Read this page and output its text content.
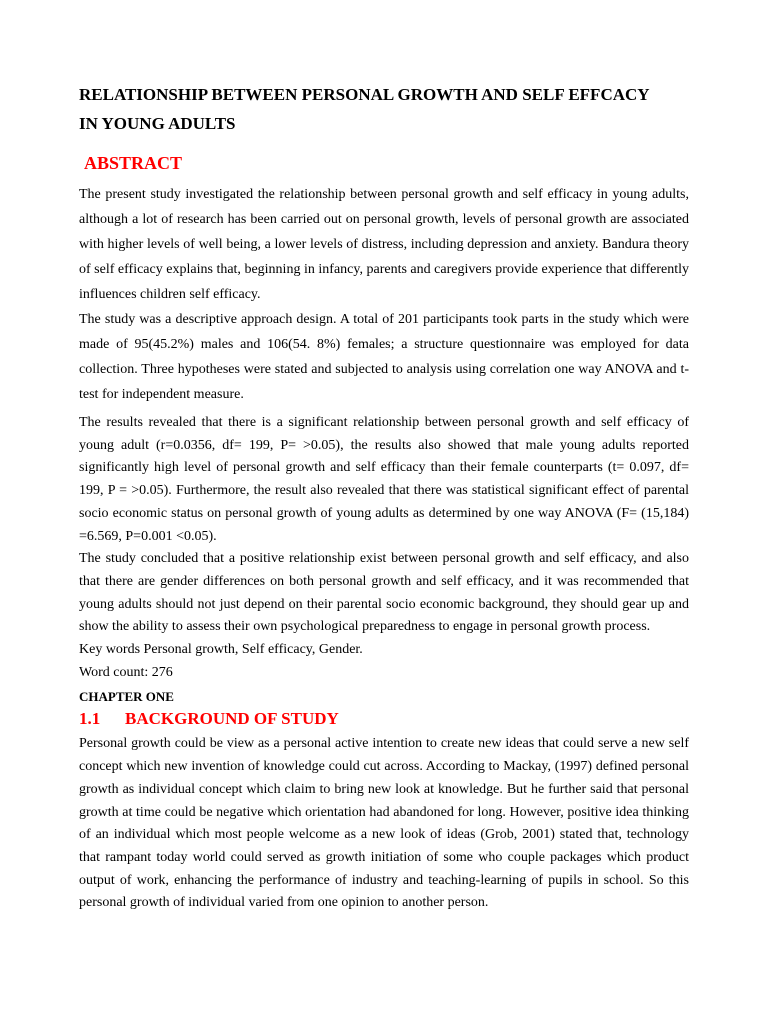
RELATIONSHIP BETWEEN PERSONAL GROWTH AND SELF EFFCACY

IN YOUNG ADULTS

ABSTRACT

The present study investigated the relationship between personal growth and self efficacy in young adults, although a lot of research has been carried out on personal growth, levels of personal growth are associated with higher levels of well being, a lower levels of distress, including depression and anxiety. Bandura theory of self efficacy explains that, beginning in infancy, parents and caregivers provide experience that differently influences children self efficacy.

The study was a descriptive approach design. A total of 201 participants took parts in the study which were made of 95(45.2%) males and 106(54. 8%) females; a structure questionnaire was employed for data collection. Three hypotheses were stated and subjected to analysis using correlation one way ANOVA and t- test for independent measure.

The results revealed that there is a significant relationship between personal growth and self efficacy of young adult (r=0.0356, df= 199, P= >0.05), the results also showed that male young adults reported significantly high level of personal growth and self efficacy than their female counterparts (t= 0.097, df= 199, P = >0.05). Furthermore, the result also revealed that there was statistical significant effect of parental socio economic status on personal growth of young adults as determined by one way ANOVA (F= (15,184) =6.569, P=0.001 <0.05).

The study concluded that a positive relationship exist between personal growth and self efficacy, and also that there are gender differences on both personal growth and self efficacy, and it was recommended that young adults should not just depend on their parental socio economic background, they should gear up and show the ability to assess their own psychological preparedness to engage in personal growth process.

Key words Personal growth, Self efficacy, Gender.

Word count: 276

CHAPTER ONE

1.1	BACKGROUND OF STUDY

Personal growth could be view as a personal active intention to create new ideas that could serve a new self concept which new invention of knowledge could cut across. According to Mackay, (1997) defined personal growth as individual concept which claim to bring new look at knowledge. But he further said that personal growth at time could be negative which orientation had abandoned for long. However, positive idea thinking of an individual which most people welcome as a new look of ideas (Grob, 2001) stated that, technology that rampant today world could served as growth initiation of some who couple packages which product output of work, enhancing the performance of industry and teaching-learning of pupils in school. So this personal growth of individual varied from one opinion to another person.
